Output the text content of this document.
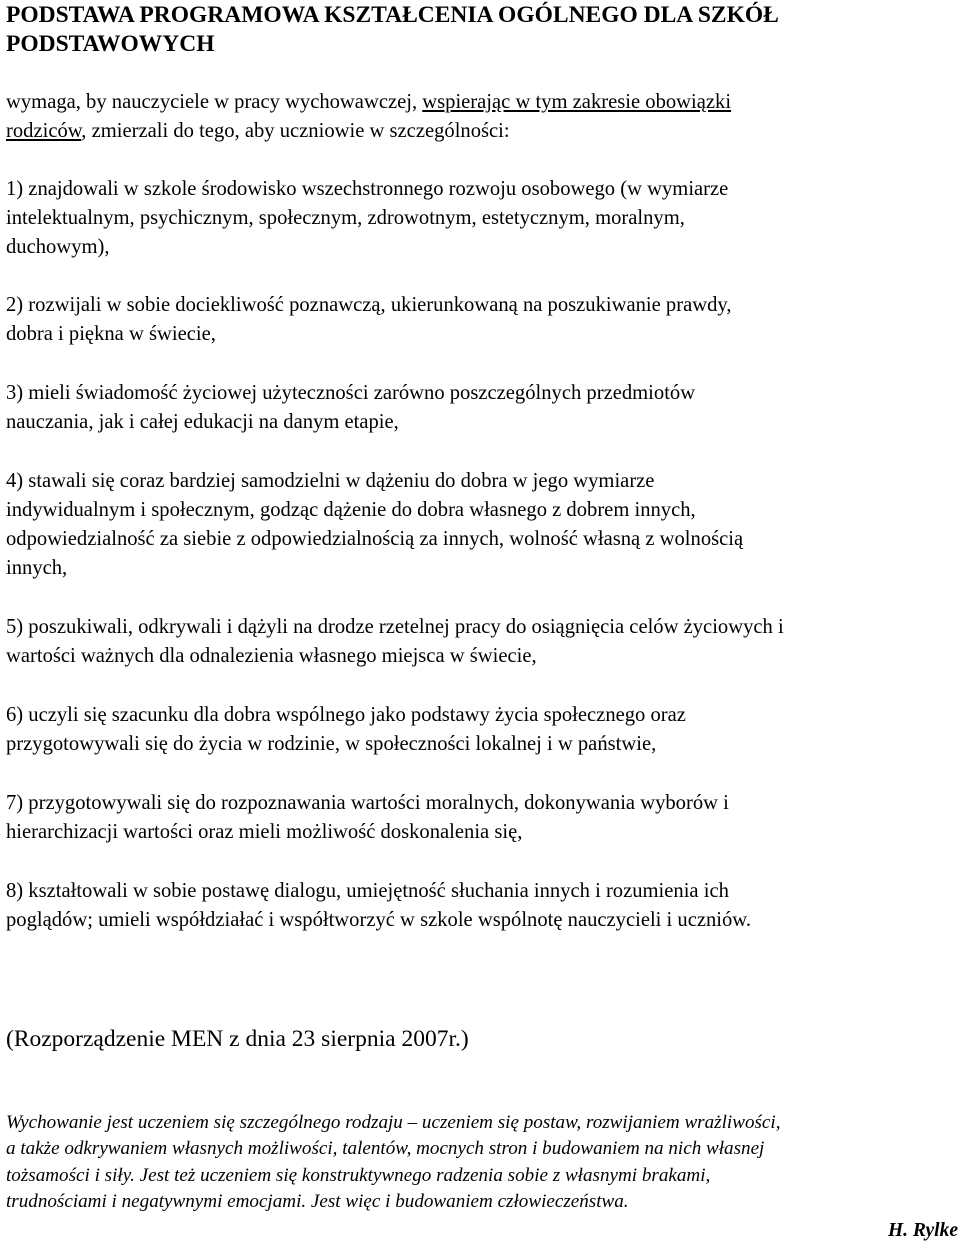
PODSTAWA PROGRAMOWA KSZTAŁCENIA OGÓLNEGO DLA SZKÓŁ
PODSTAWOWYCH

wymaga, by nauczyciele w pracy wychowawczej, wspierając w tym zakresie obowiązki
rodziców, zmierzali do tego, aby uczniowie w szczególności:

1) znajdowali w szkole środowisko wszechstronnego rozwoju osobowego (w wymiarze
intelektualnym, psychicznym, społecznym, zdrowotnym, estetycznym, moralnym,
duchowym),

2) rozwijali w sobie dociekliwość poznawczą, ukierunkowaną na poszukiwanie prawdy,
dobra i piękna w świecie,

3) mieli świadomość życiowej użyteczności zarówno poszczególnych przedmiotów
nauczania, jak i całej edukacji na danym etapie,

4) stawali się coraz bardziej samodzielni w dążeniu do dobra w jego wymiarze
indywidualnym i społecznym, godząc dążenie do dobra własnego z dobrem innych,
odpowiedzialność za siebie z odpowiedzialnością za innych, wolność własną z wolnością
innych,

5) poszukiwali, odkrywali i dążyli na drodze rzetelnej pracy do osiągnięcia celów życiowych i
wartości ważnych dla odnalezienia własnego miejsca w świecie,

6) uczyli się szacunku dla dobra wspólnego jako podstawy życia społecznego oraz
przygotowywali się do życia w rodzinie, w społeczności lokalnej i w państwie,

7) przygotowywali się do rozpoznawania wartości moralnych, dokonywania wyborów i
hierarchizacji wartości oraz mieli możliwość doskonalenia się,

8) kształtowali w sobie postawę dialogu, umiejętność słuchania innych i rozumienia ich
poglądów; umieli współdziałać i współtworzyć w szkole wspólnotę nauczycieli i uczniów.

(Rozporządzenie MEN z dnia 23 sierpnia 2007r.)

Wychowanie jest uczeniem się szczególnego rodzaju – uczeniem się postaw, rozwijaniem wrażliwości,
a także odkrywaniem własnych możliwości, talentów, mocnych stron i budowaniem na nich własnej
tożsamości i siły. Jest też uczeniem się konstruktywnego radzenia sobie z własnymi brakami,
trudnościami i negatywnymi emocjami. Jest więc i budowaniem człowieczeństwa.

H. Rylke
